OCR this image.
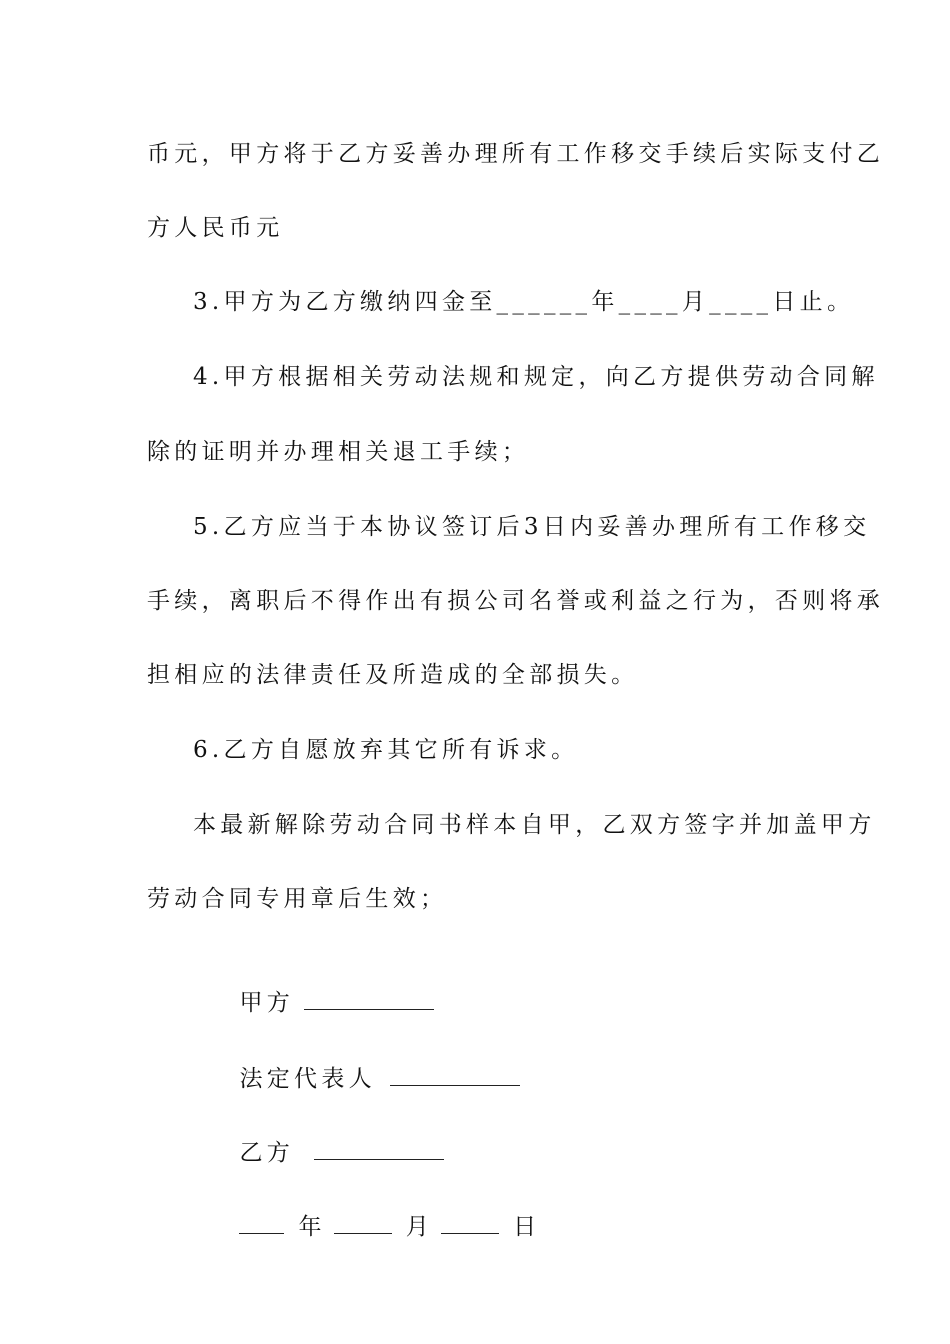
币元，甲方将于乙方妥善办理所有工作移交手续后实际支付乙
方人民币元
3.甲方为乙方缴纳四金至______年____月____日止。
4.甲方根据相关劳动法规和规定，向乙方提供劳动合同解
除的证明并办理相关退工手续；
5.乙方应当于本协议签订后3日内妥善办理所有工作移交
手续，离职后不得作出有损公司名誉或利益之行为，否则将承
担相应的法律责任及所造成的全部损失。
6.乙方自愿放弃其它所有诉求。
本最新解除劳动合同书样本自甲，乙双方签字并加盖甲方
劳动合同专用章后生效；

甲方

法定代表人

乙方

年	月	日
